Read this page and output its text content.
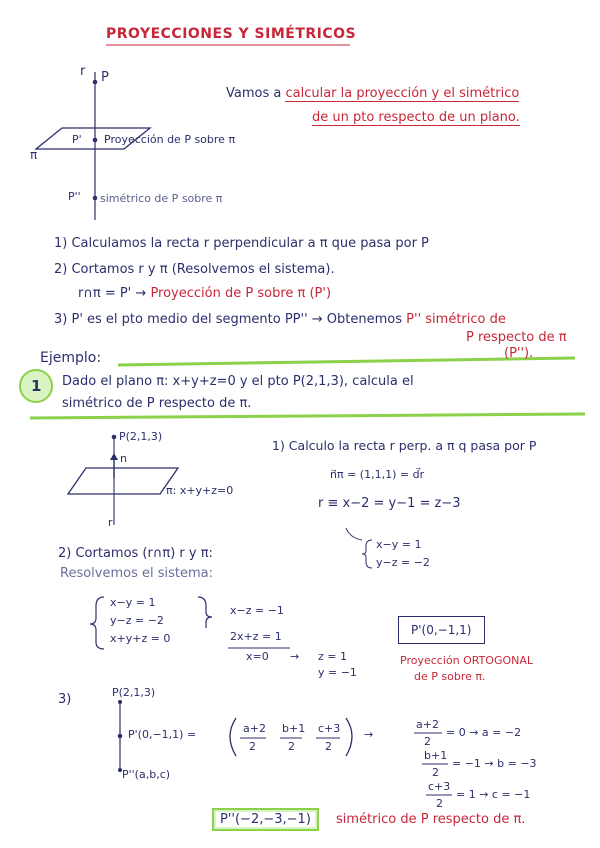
PROYECCIONES Y SIMÉTRICOS
Vamos a calcular la proyección y el simétrico
de un pto respecto de un plano.
r P
π
P' Proyección de P sobre π
P'' simétrico de P sobre π
1) Calculamos la recta r perpendicular a π que pasa por P
2) Cortamos r y π (Resolvemos el sistema).
r∩π = P' → Proyección de P sobre π (P')
3) P' es el pto medio del segmento PP'' → Obtenemos P'' simétrico de
P respecto de π
(P'').
Ejemplo:
1 Dado el plano π: x+y+z=0 y el pto P(2,1,3), calcula el
simétrico de P respecto de π.
P(2,1,3)
n
π: x+y+z=0
r
1) Calculo la recta r perp. a π q pasa por P
n⃗π = (1,1,1) = d⃗r
r ≡ x−2 = y−1 = z−3
x−y = 1
y−z = −2
2) Cortamos (r∩π) r y π:
Resolvemos el sistema:
x−y = 1
y−z = −2
x+y+z = 0
x−z = −1
2x+z = 1
x=0 → z = 1
y = −1
P'(0,−1,1)
Proyección ORTOGONAL
de P sobre π.
3)	P(2,1,3)
P'(0,−1,1) =
P''(a,b,c)
a+2
2
b+1
2
c+3
2
→
a+2
2
= 0 → a = −2
b+1
2
= −1 → b = −3
c+3
2
= 1 → c = −1
P''(−2,−3,−1)	simétrico de P respecto de π.
